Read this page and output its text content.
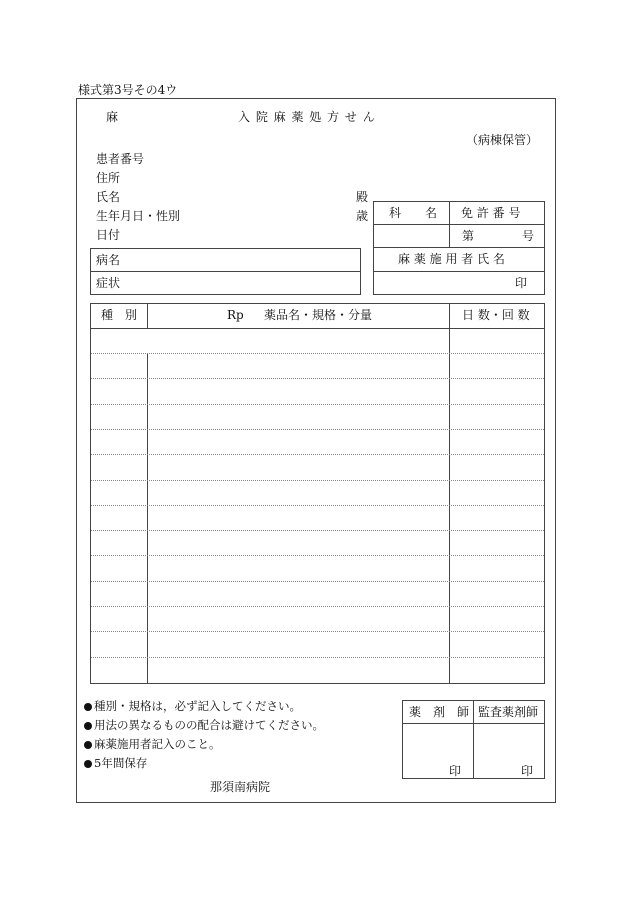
様式第3号その4ウ
麻	入 院 麻 薬 処 方 せ ん
（病棟保管）
患者番号
住所
氏名	殿
生年月日・性別	歳
日付
科　　名 免 許 番 号
第	号
麻 薬 施 用 者 氏 名
印
病名
症状
種　別	Rp 薬品名・規格・分量	日 数・回 数
種別・規格は，必ず記入してください。
用法の異なるものの配合は避けてください。
麻薬施用者記入のこと。
5年間保存
那須南病院
薬　剤　師 監査薬剤師
印	印
